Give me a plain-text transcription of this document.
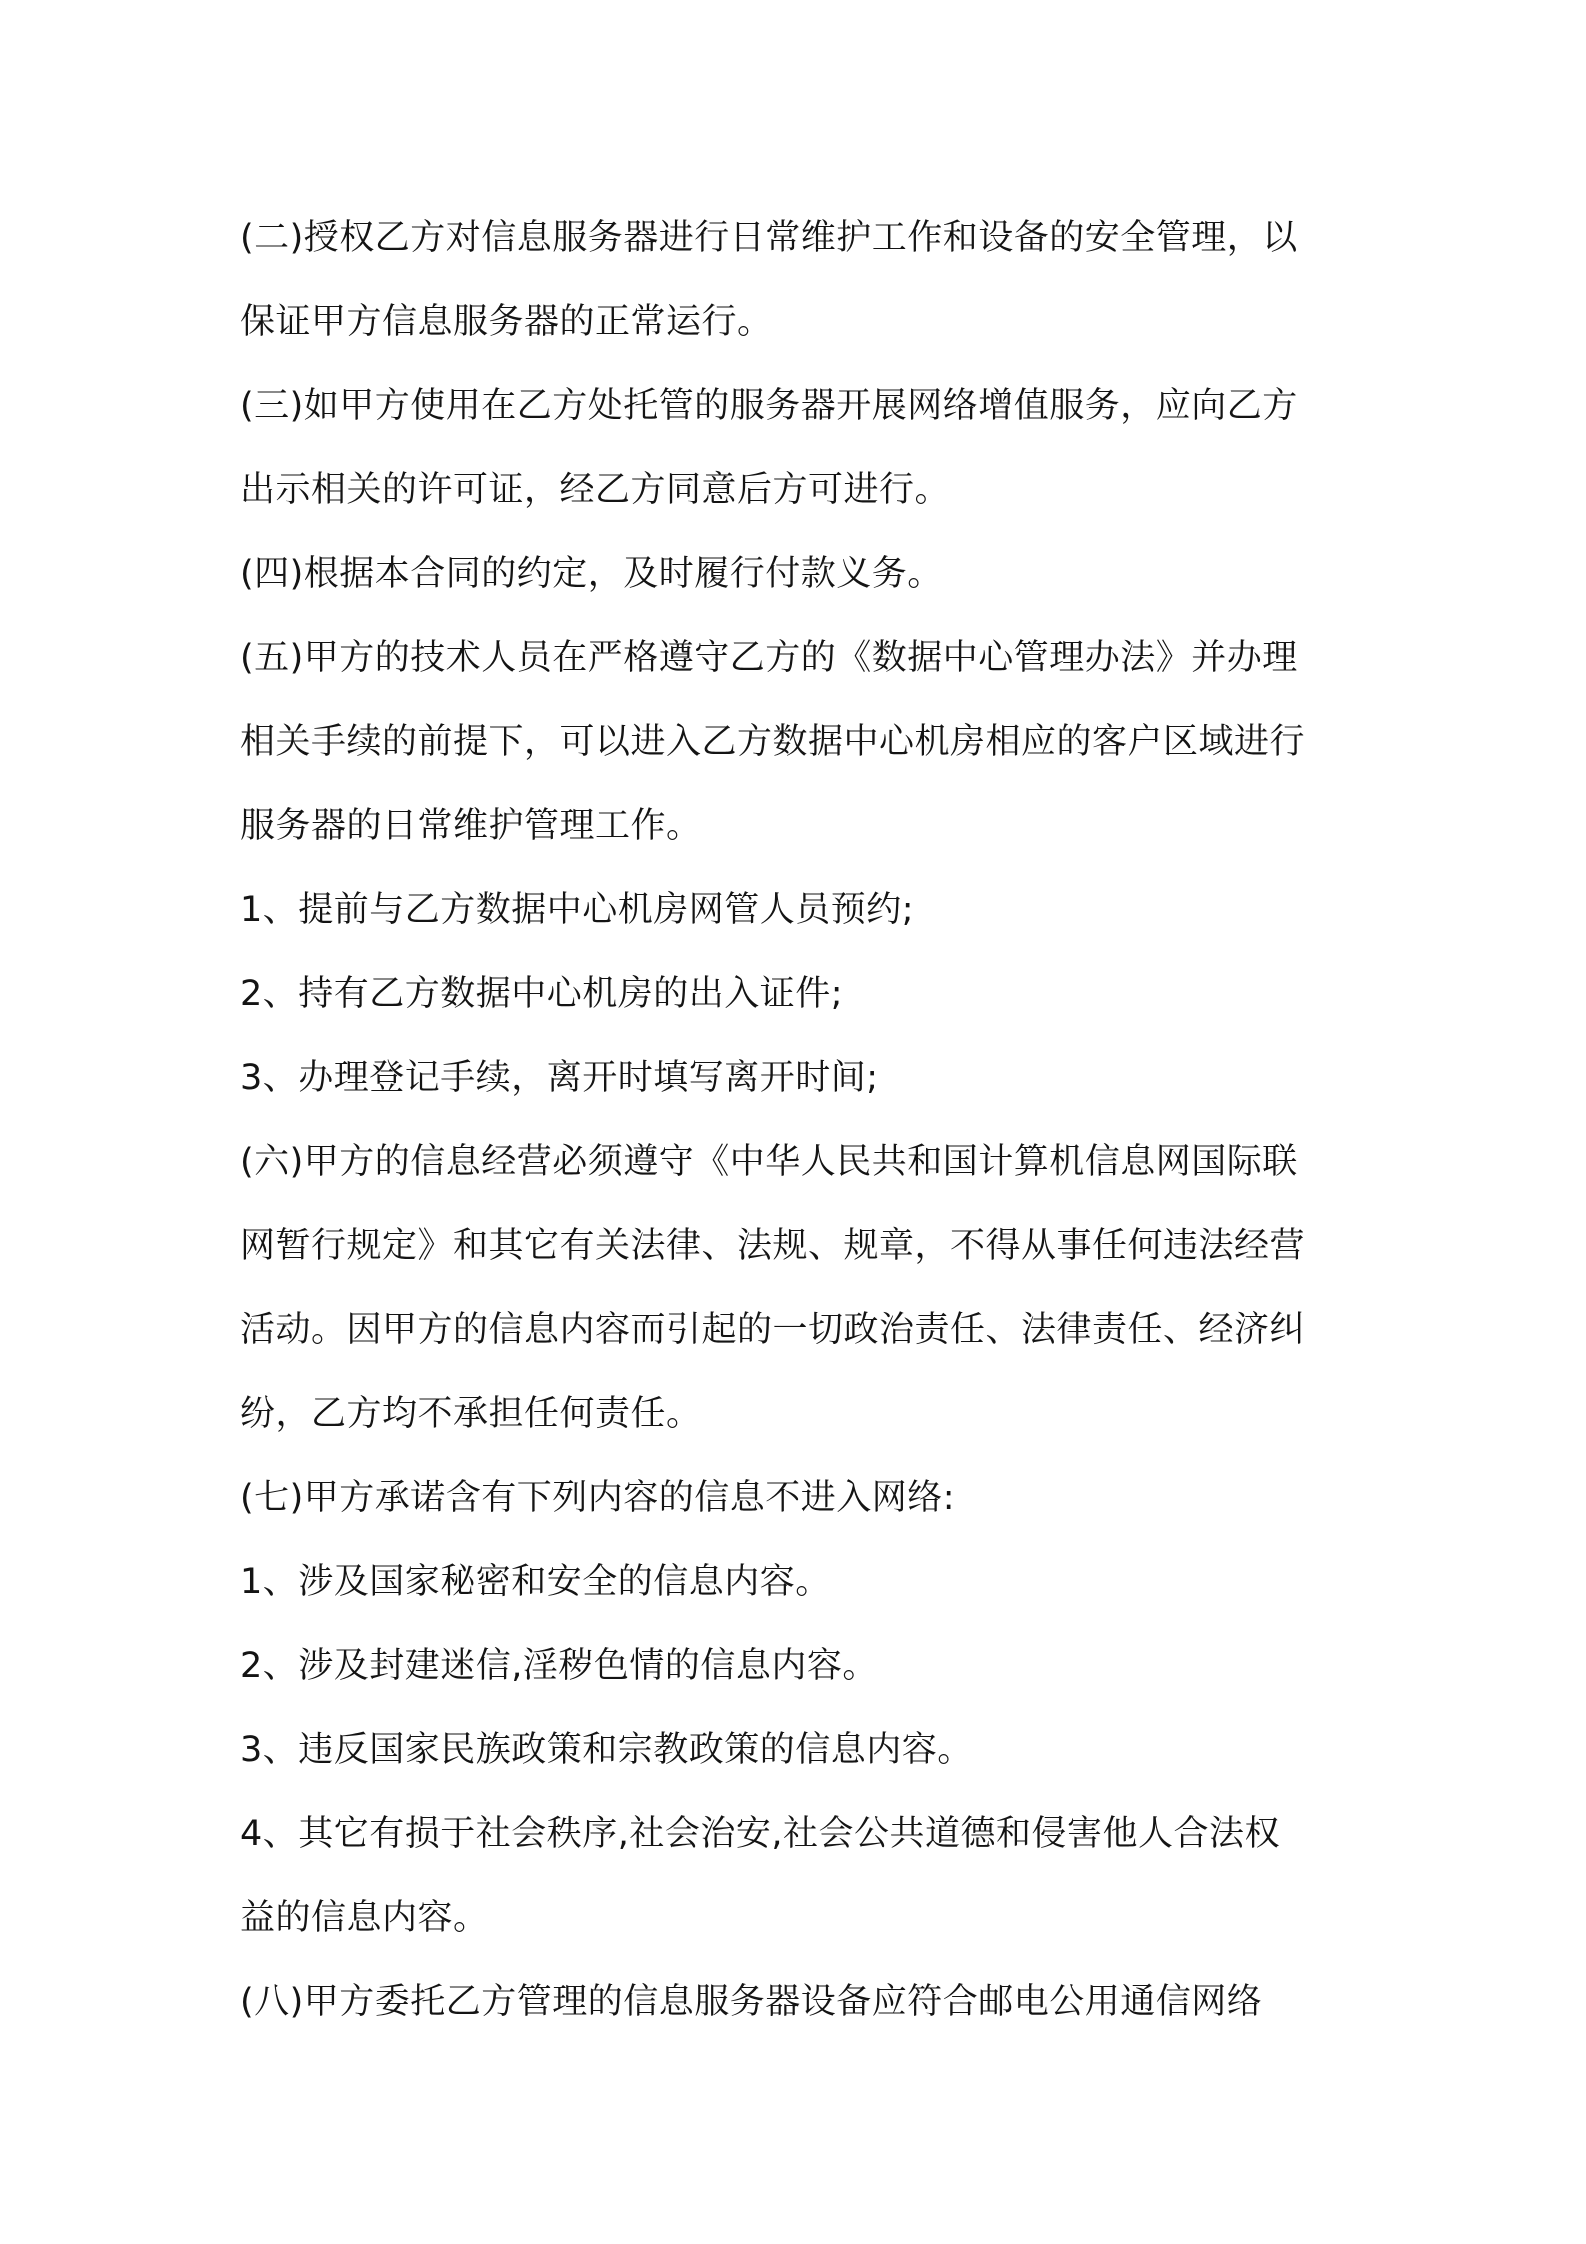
(二)授权乙方对信息服务器进行日常维护工作和设备的安全管理，以
保证甲方信息服务器的正常运行。
(三)如甲方使用在乙方处托管的服务器开展网络增值服务，应向乙方
出示相关的许可证，经乙方同意后方可进行。
(四)根据本合同的约定，及时履行付款义务。
(五)甲方的技术人员在严格遵守乙方的《数据中心管理办法》并办理
相关手续的前提下，可以进入乙方数据中心机房相应的客户区域进行
服务器的日常维护管理工作。
1、提前与乙方数据中心机房网管人员预约;
2、持有乙方数据中心机房的出入证件;
3、办理登记手续，离开时填写离开时间;
(六)甲方的信息经营必须遵守《中华人民共和国计算机信息网国际联
网暂行规定》和其它有关法律、法规、规章，不得从事任何违法经营
活动。因甲方的信息内容而引起的一切政治责任、法律责任、经济纠
纷，乙方均不承担任何责任。
(七)甲方承诺含有下列内容的信息不进入网络:
1、涉及国家秘密和安全的信息内容。
2、涉及封建迷信,淫秽色情的信息内容。
3、违反国家民族政策和宗教政策的信息内容。
4、其它有损于社会秩序,社会治安,社会公共道德和侵害他人合法权
益的信息内容。
(八)甲方委托乙方管理的信息服务器设备应符合邮电公用通信网络
